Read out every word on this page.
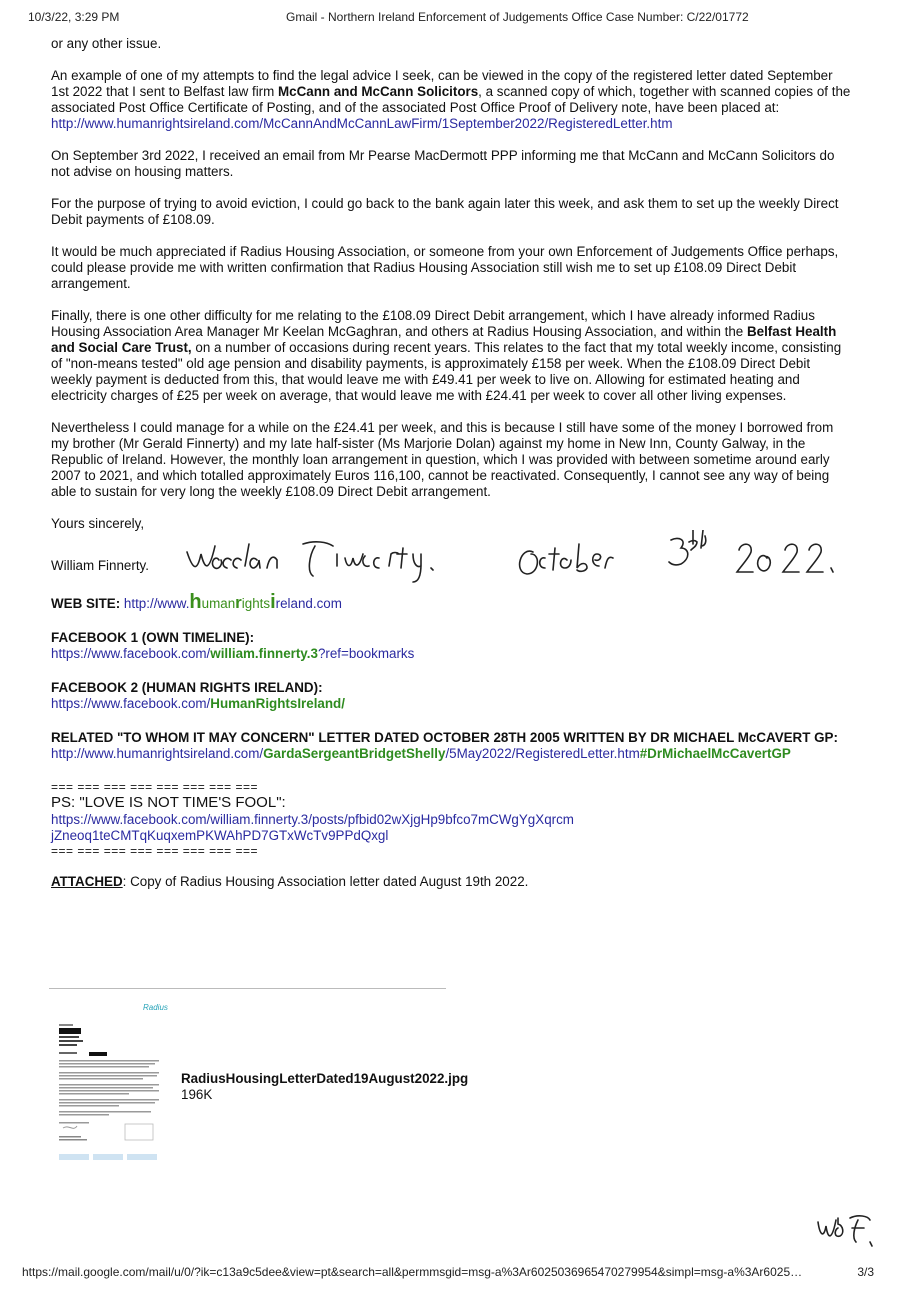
10/3/22, 3:29 PM	Gmail - Northern Ireland Enforcement of Judgements Office Case Number: C/22/01772

or any other issue.

An example of one of my attempts to find the legal advice I seek, can be viewed in the copy of the registered letter dated September 1st 2022 that I sent to Belfast law firm McCann and McCann Solicitors, a scanned copy of which, together with scanned copies of the associated Post Office Certificate of Posting, and of the associated Post Office Proof of Delivery note, have been placed at:
http://www.humanrightsireland.com/McCannAndMcCannLawFirm/1September2022/RegisteredLetter.htm

On September 3rd 2022, I received an email from Mr Pearse MacDermott PPP informing me that McCann and McCann Solicitors do not advise on housing matters.

For the purpose of trying to avoid eviction, I could go back to the bank again later this week, and ask them to set up the weekly Direct Debit payments of £108.09.

It would be much appreciated if Radius Housing Association, or someone from your own Enforcement of Judgements Office perhaps, could please provide me with written confirmation that Radius Housing Association still wish me to set up £108.09 Direct Debit arrangement.

Finally, there is one other difficulty for me relating to the £108.09 Direct Debit arrangement, which I have already informed Radius Housing Association Area Manager Mr Keelan McGaghran, and others at Radius Housing Association, and within the Belfast Health and Social Care Trust, on a number of occasions during recent years. This relates to the fact that my total weekly income, consisting of "non-means tested" old age pension and disability payments, is approximately £158 per week. When the £108.09 Direct Debit weekly payment is deducted from this, that would leave me with £49.41 per week to live on. Allowing for estimated heating and electricity charges of £25 per week on average, that would leave me with £24.41 per week to cover all other living expenses.

Nevertheless I could manage for a while on the £24.41 per week, and this is because I still have some of the money I borrowed from my brother (Mr Gerald Finnerty) and my late half-sister (Ms Marjorie Dolan) against my home in New Inn, County Galway, in the Republic of Ireland. However, the monthly loan arrangement in question, which I was provided with between sometime around early 2007 to 2021, and which totalled approximately Euros 116,100, cannot be reactivated. Consequently, I cannot see any way of being able to sustain for very long the weekly £108.09 Direct Debit arrangement.

Yours sincerely,
William Finnerty.
WEB SITE: http://www.humanrightsireland.com
FACEBOOK 1 (OWN TIMELINE):
https://www.facebook.com/william.finnerty.3?ref=bookmarks
FACEBOOK 2 (HUMAN RIGHTS IRELAND):
https://www.facebook.com/HumanRightsIreland/
RELATED "TO WHOM IT MAY CONCERN" LETTER DATED OCTOBER 28TH 2005 WRITTEN BY DR MICHAEL McCAVERT GP:
http://www.humanrightsireland.com/GardaSergeantBridgetShelly/5May2022/RegisteredLetter.htm#DrMichaelMcCavertGP
=== === === === === === === ===
PS: "LOVE IS NOT TIME'S FOOL":
https://www.facebook.com/william.finnerty.3/posts/pfbid02wXjgHp9bfco7mCWgYgXqrcm
jZneoq1teCMTqKuqxemPKWAhPD7GTxWcTv9PPdQxgl
=== === === === === === === ===
ATTACHED: Copy of Radius Housing Association letter dated August 19th 2022.
Radius
RadiusHousingLetterDated19August2022.jpg
196K
https://mail.google.com/mail/u/0/?ik=c13a9c5dee&view=pt&search=all&permmsgid=msg-a%3Ar6025036965470279954&simpl=msg-a%3Ar6025…	3/3
